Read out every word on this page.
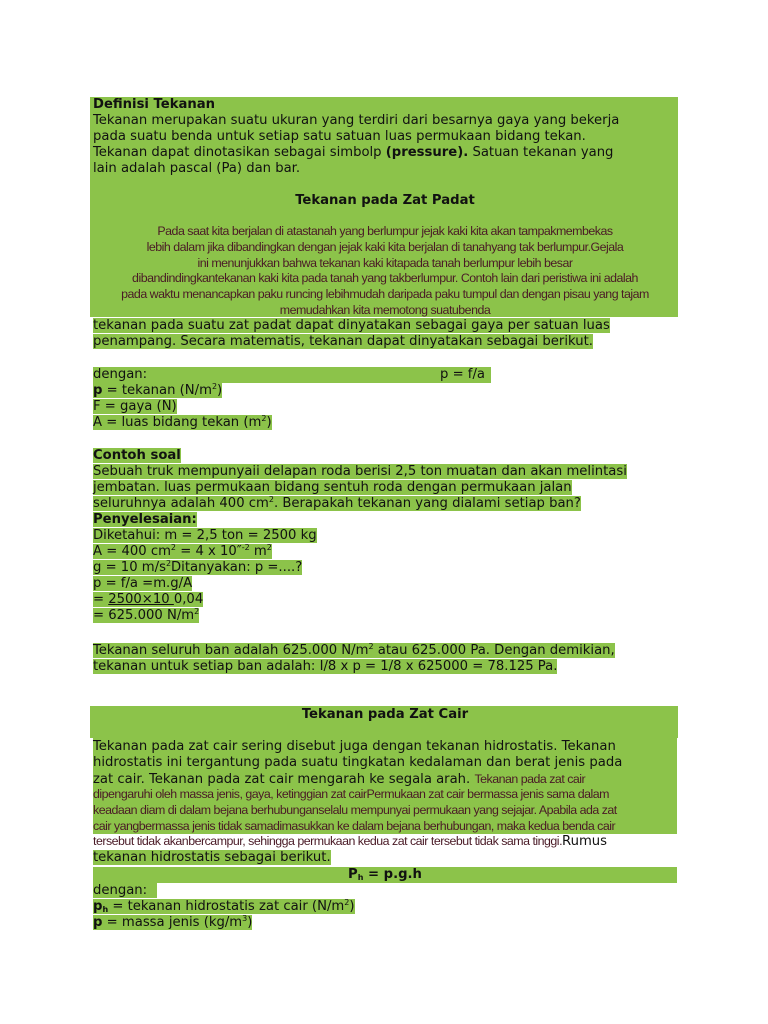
Definisi Tekanan
Tekanan merupakan suatu ukuran yang terdiri dari besarnya gaya yang bekerja
pada suatu benda untuk setiap satu satuan luas permukaan bidang tekan.
Tekanan dapat dinotasikan sebagai simbolp (pressure). Satuan tekanan yang
lain adalah pascal (Pa) dan bar.
Tekanan pada Zat Padat
Pada saat kita berjalan di atastanah yang berlumpur jejak kaki kita akan tampakmembekas
lebih dalam jika dibandingkan dengan jejak kaki kita berjalan di tanahyang tak berlumpur.Gejala
ini menunjukkan bahwa tekanan kaki kitapada tanah berlumpur lebih besar
dibandindingkantekanan kaki kita pada tanah yang takberlumpur. Contoh lain dari peristiwa ini adalah
pada waktu menancapkan paku runcing lebihmudah daripada paku tumpul dan dengan pisau yang tajam
memudahkan kita memotong suatubenda
tekanan pada suatu zat padat dapat dinyatakan sebagai gaya per satuan luas
penampang. Secara matematis, tekanan dapat dinyatakan sebagai berikut.
dengan:	p = f/a
p = tekanan $(N/m^2)$
F = gaya (N)
A = luas bidang tekan $(m^2)$
Contoh soal
Sebuah truk mempunyaii delapan roda berisi 2,5 ton muatan dan akan melintasi
jembatan. luas permukaan bidang sentuh roda dengan permukaan jalan
seluruhnya adalah 400 $cm^2$. Berapakah tekanan yang dialami setiap ban?
Penyelesaian:
Diketahui: m = 2,5 ton = 2500 kg
A = 400 $cm^2 = 4$ x 10″$^{-2}$ $m^2$
g = 10 $m/s^2Ditanyakan$: p =....?
p = f/a =m.g/A
= 2500×10 0,04
= 625.000 $N/m^2$
Tekanan seluruh ban adalah 625.000 $N/m^2$ atau 625.000 Pa. Dengan demikian,
tekanan untuk setiap ban adalah: I/8 x p = 1/8 x 625000 = 78.125 Pa.
Tekanan pada Zat Cair
Tekanan pada zat cair sering disebut juga dengan tekanan hidrostatis. Tekanan
hidrostatis ini tergantung pada suatu tingkatan kedalaman dan berat jenis pada
zat cair. Tekanan pada zat cair mengarah ke segala arah. Tekanan pada zat cair
dipengaruhi oleh massa jenis, gaya, ketinggian zat cairPermukaan zat cair bermassa jenis sama dalam
keadaan diam di dalam bejana berhubunganselalu mempunyai permukaan yang sejajar. Apabila ada zat
cair yangbermassa jenis tidak samadimasukkan ke dalam bejana berhubungan, maka kedua benda cair
tersebut tidak akanbercampur, sehingga permukaan kedua zat cair tersebut tidak sama tinggi.Rumus
tekanan hidrostatis sebagai berikut.
$P_h = p.g.h$
dengan:
$p_h$ = tekanan hidrostatis zat cair $(N/m^2)$
p = massa jenis $(kg/m^3)$
